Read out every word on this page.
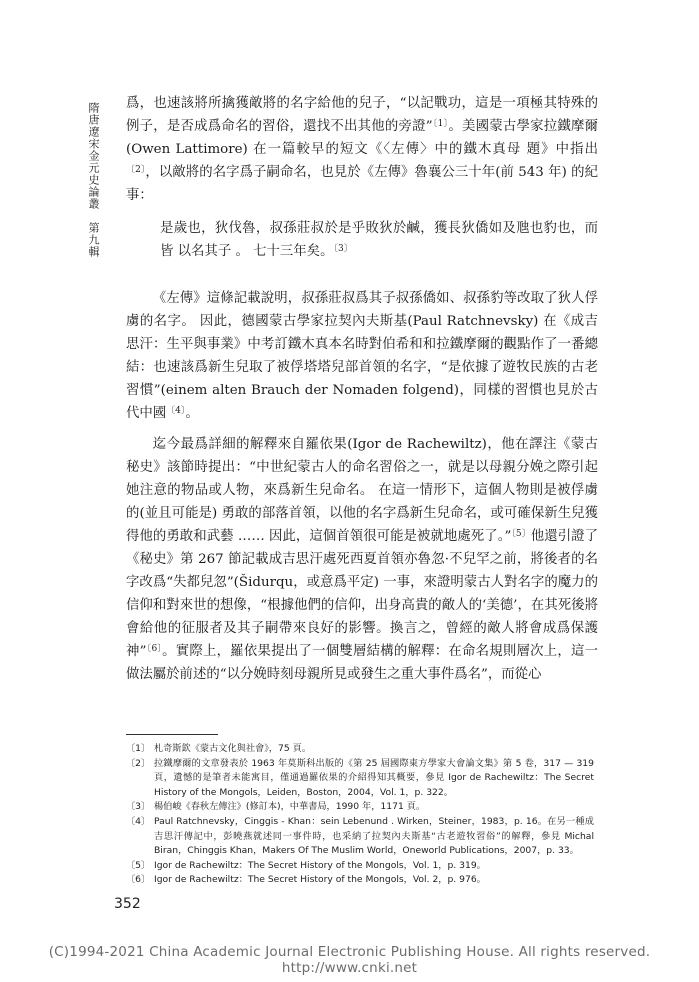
隋唐遼宋金元史論叢　第九輯 爲，也速該將所擒獲敵將的名字給他的兒子，“以記戰功，這是一項極其特殊的例子，是否成爲命名的習俗，還找不出其他的旁證”$^{〔1〕}$。美國蒙古學家拉鐵摩爾(Owen Lattimore) 在一篇較早的短文《〈左傳〉中的鐵木真母 題》中指出$^{〔2〕}$，以敵將的名字爲子嗣命名，也見於《左傳》魯襄公三十年(前 543 年) 的紀事：

是歲也，狄伐魯，叔孫莊叔於是乎敗狄於鹹，獲長狄僑如及虺也豹也，而 皆 以名其子 。 七十三年矣。$^{〔3〕}$

《左傳》這條記載說明，叔孫莊叔爲其子叔孫僑如、叔孫豹等改取了狄人俘虜的名字。 因此，德國蒙古學家拉契內夫斯基(Paul Ratchnevsky) 在《成吉思汗：生平與事業》中考訂鐵木真本名時對伯希和和拉鐵摩爾的觀點作了一番總結：也速該爲新生兒取了被俘塔塔兒部首領的名字，“是依據了遊牧民族的古老習慣”(einem alten Brauch der Nomaden folgend)，同樣的習慣也見於古代中國$^{〔4〕}$。

迄今最爲詳細的解釋來自羅依果(Igor de Rachewiltz)，他在譯注《蒙古秘史》該節時提出：“中世紀蒙古人的命名習俗之一，就是以母親分娩之際引起她注意的物品或人物，來爲新生兒命名。 在這一情形下，這個人物則是被俘虜的(並且可能是) 勇敢的部落首領，以他的名字爲新生兒命名，或可確保新生兒獲得他的勇敢和武藝 …… 因此，這個首領很可能是被就地處死了。”$^{〔5〕}$他還引證了《秘史》第 267 節記載成吉思汗處死西夏首領亦魯忽·不兒罕之前，將後者的名字改爲“失都兒忽”(Šidurqu，或意爲平定) 一事，來證明蒙古人對名字的魔力的信仰和對來世的想像，“根據他們的信仰，出身高貴的敵人的‘美德’，在其死後將會給他的征服者及其子嗣帶來良好的影響。換言之，曾經的敵人將會成爲保護神”$^{〔6〕}$。實際上，羅依果提出了一個雙層結構的解釋：在命名規則層次上，這一做法屬於前述的“以分娩時刻母親所見或發生之重大事件爲名”，而從心

〔1〕 札奇斯欽《蒙古文化與社會》，75 頁。
〔2〕 拉鐵摩爾的文章發表於 1963 年莫斯科出版的《第 25 屆國際東方學家大會論文集》第 5 卷，317 — 319 頁，遺憾的是筆者未能寓目，僅通過羅依果的介紹得知其概要，參見 Igor de Rachewiltz：The Secret History of the Mongols，Leiden，Boston，2004，Vol. 1，p. 322。
〔3〕 楊伯峻《春秋左傳注》(修訂本)，中華書局，1990 年，1171 頁。
〔4〕 Paul Ratchnevsky，Cinggis - Khan：sein Lebenund . Wirken，Steiner，1983，p. 16。在另一種成吉思汗傳記中，彭曉燕就述同一事件時，也采納了拉契內夫斯基“古老遊牧習俗”的解釋，參見 Michal Biran，Chinggis Khan，Makers Of The Muslim World，Oneworld Publications，2007，p. 33。
〔5〕 Igor de Rachewiltz：The Secret History of the Mongols，Vol. 1，p. 319。
〔6〕 Igor de Rachewiltz：The Secret History of the Mongols，Vol. 2，p. 976。
352
(C)1994-2021 China Academic Journal Electronic Publishing House. All rights reserved. http://www.cnki.net
